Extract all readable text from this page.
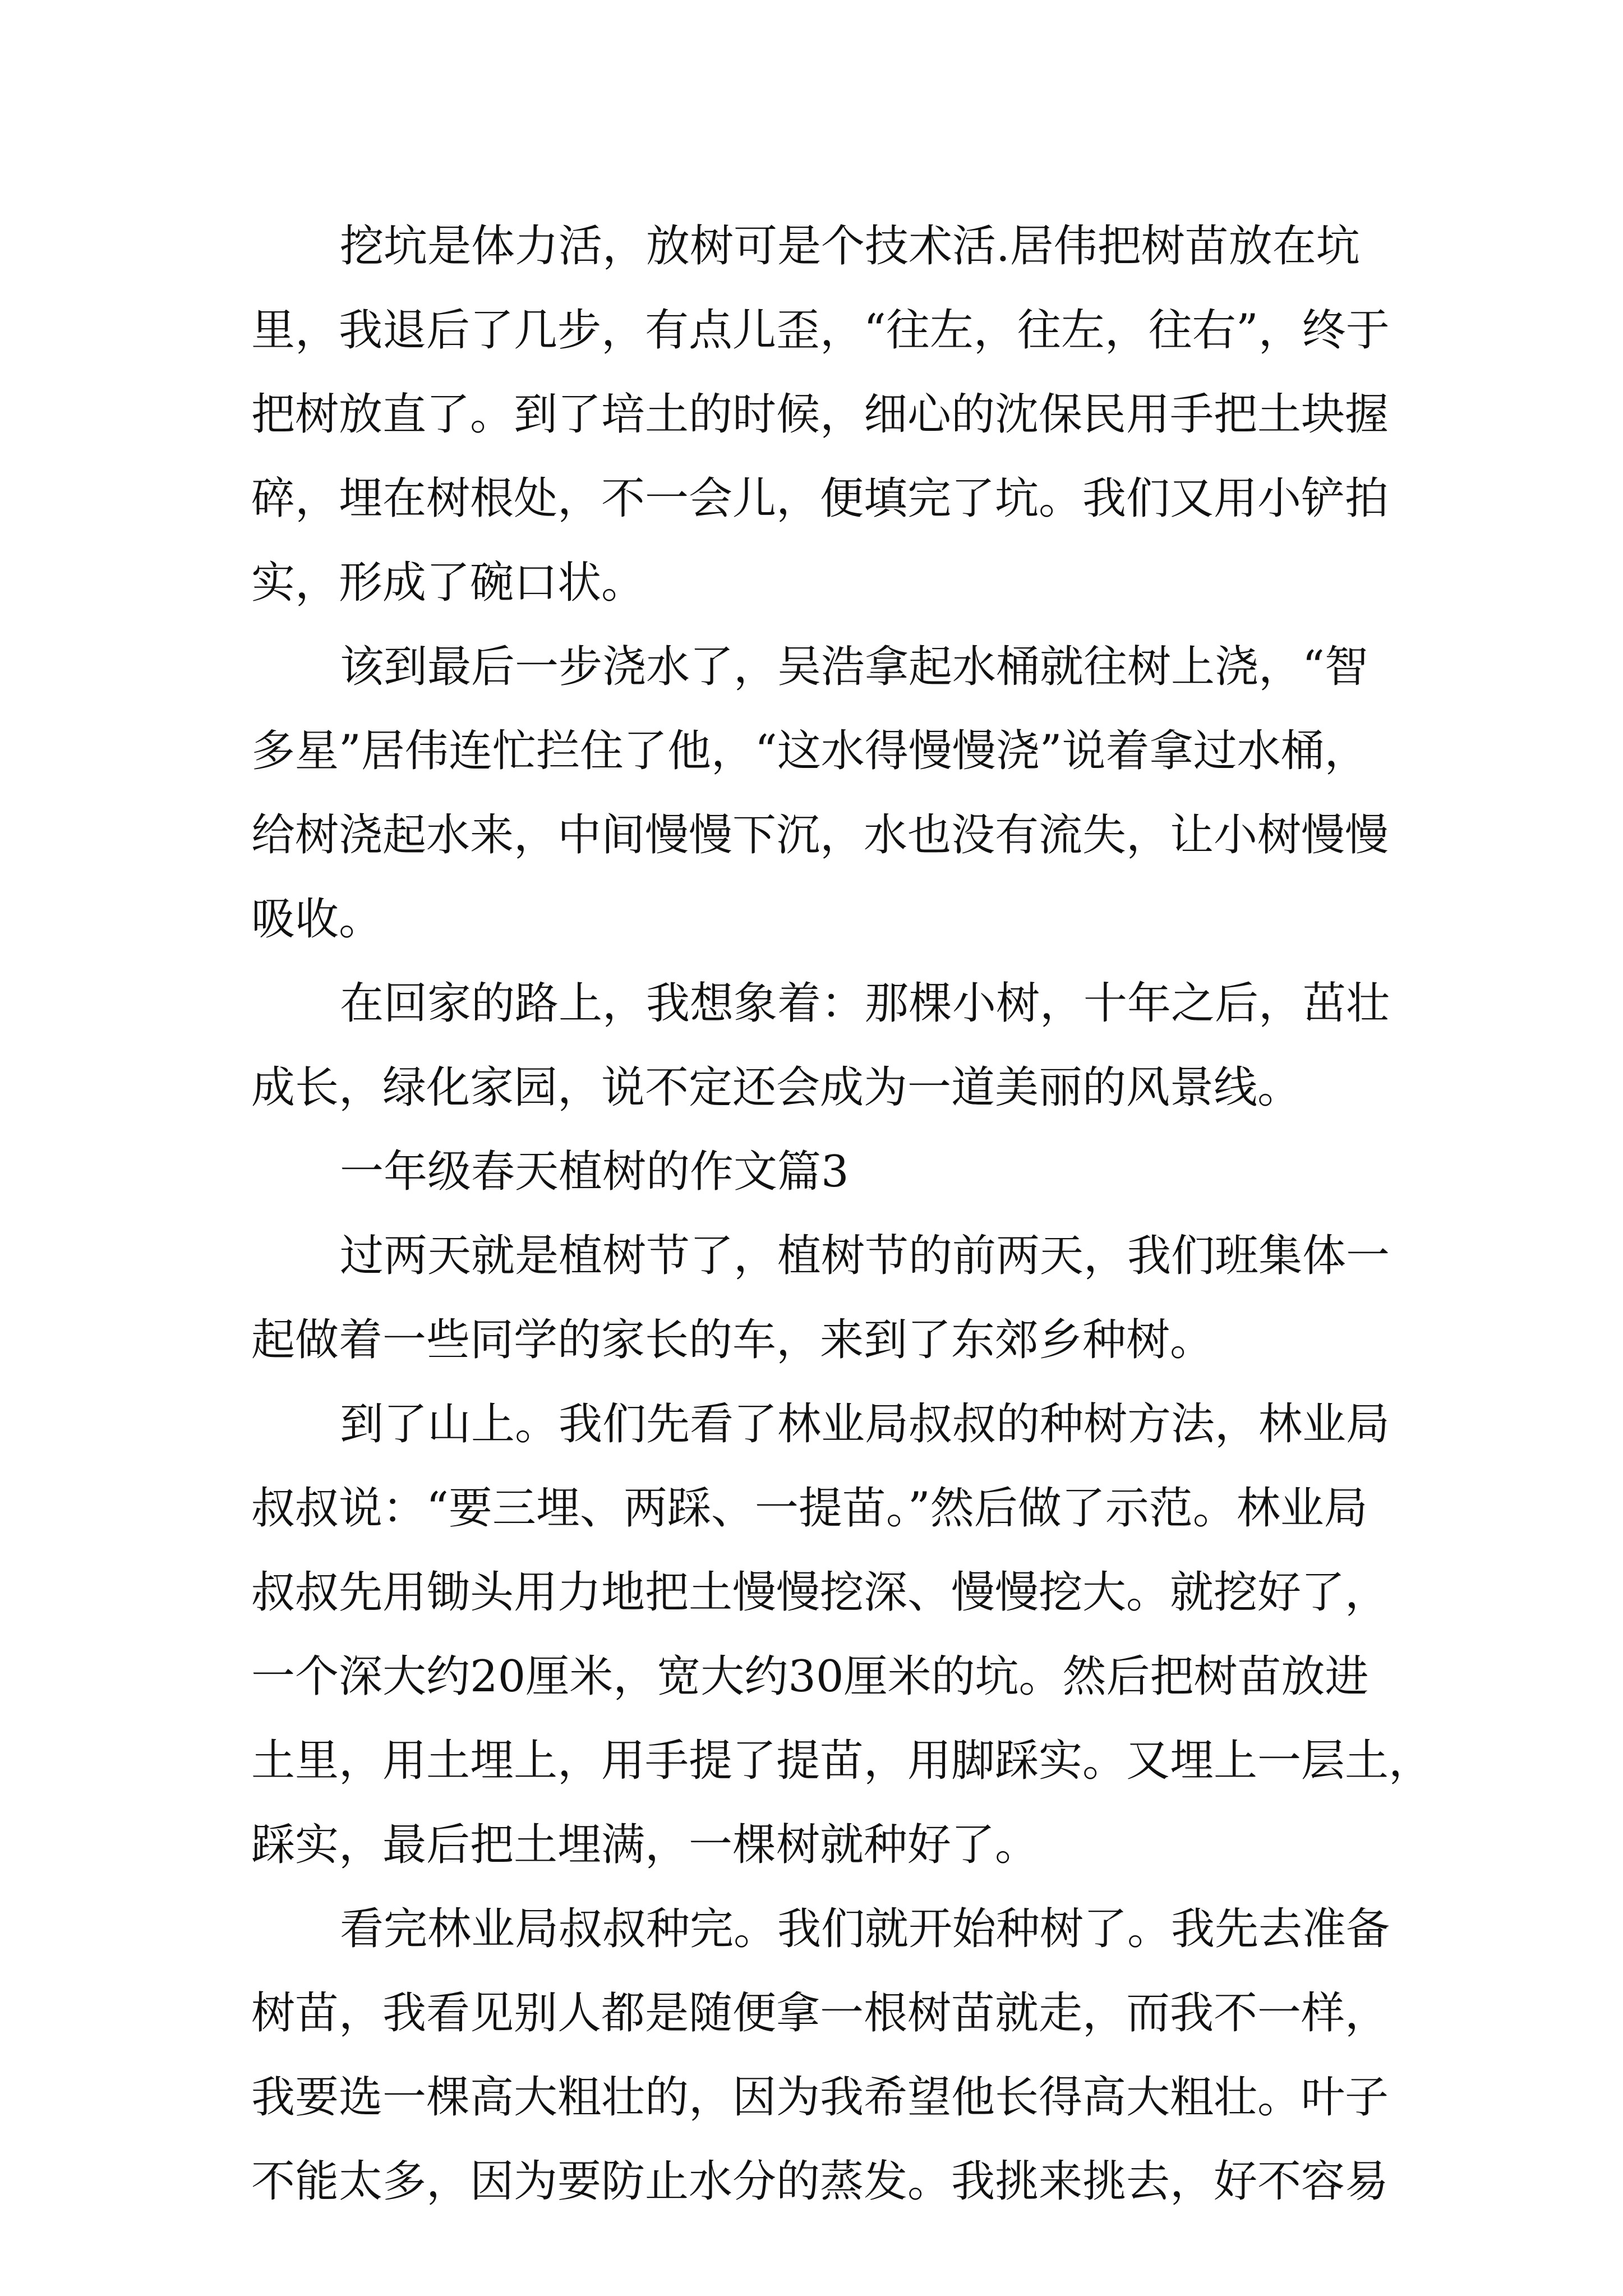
挖坑是体力活，放树可是个技术活.居伟把树苗放在坑
里，我退后了几步，有点儿歪，“往左，往左，往右”，终于
把树放直了。到了培土的时候，细心的沈保民用手把土块握
碎，埋在树根处，不一会儿，便填完了坑。我们又用小铲拍
实，形成了碗口状。
该到最后一步浇水了，吴浩拿起水桶就往树上浇，“智
多星”居伟连忙拦住了他，“这水得慢慢浇”说着拿过水桶，
给树浇起水来，中间慢慢下沉，水也没有流失，让小树慢慢
吸收。
在回家的路上，我想象着：那棵小树，十年之后，茁壮
成长，绿化家园，说不定还会成为一道美丽的风景线。
一年级春天植树的作文篇3
过两天就是植树节了，植树节的前两天，我们班集体一
起做着一些同学的家长的车，来到了东郊乡种树。
到了山上。我们先看了林业局叔叔的种树方法，林业局
叔叔说：“要三埋、两踩、一提苗。”然后做了示范。林业局
叔叔先用锄头用力地把土慢慢挖深、慢慢挖大。就挖好了，
一个深大约20厘米，宽大约30厘米的坑。然后把树苗放进
土里，用土埋上，用手提了提苗，用脚踩实。又埋上一层土，
踩实，最后把土埋满，一棵树就种好了。
看完林业局叔叔种完。我们就开始种树了。我先去准备
树苗，我看见别人都是随便拿一根树苗就走，而我不一样，
我要选一棵高大粗壮的，因为我希望他长得高大粗壮。叶子
不能太多，因为要防止水分的蒸发。我挑来挑去，好不容易
